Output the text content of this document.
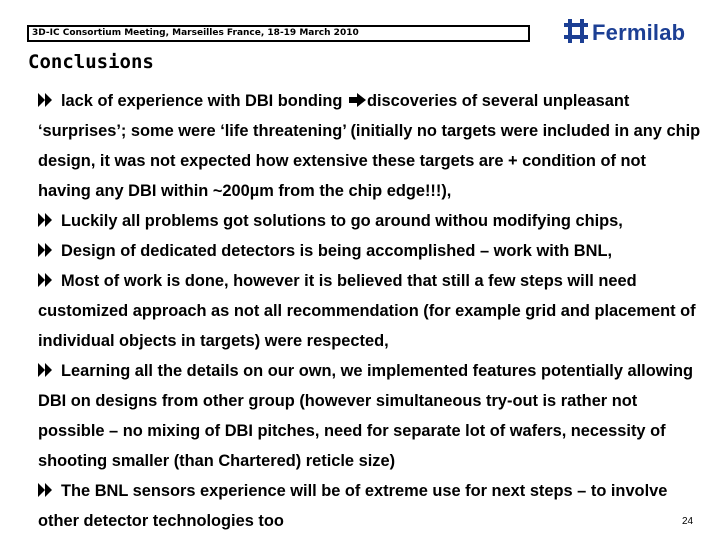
3D-IC Consortium Meeting, Marseilles France, 18-19 March 2010	Fermilab
Conclusions

lack of experience with DBI bonding
discoveries of several unpleasant ‘surprises’; some were ‘life threatening’ (initially no targets were included in any chip design, it was not expected how extensive these targets are + condition of not having any DBI within ~200µm from the chip edge!!!),

Luckily all problems got solutions to go around withou modifying chips,

Design of dedicated detectors is being accomplished – work with BNL,

Most of work is done, however it is believed that still a few steps will need customized approach as not all recommendation (for example grid and placement of individual objects in targets) were respected,

Learning all the details on our own, we implemented features potentially allowing DBI on designs from other group (however simultaneous try-out is rather not possible – no mixing of DBI pitches, need for separate lot of wafers, necessity of shooting smaller (than Chartered) reticle size)

The BNL sensors experience will be of extreme use for next steps – to involve other detector technologies too	24
